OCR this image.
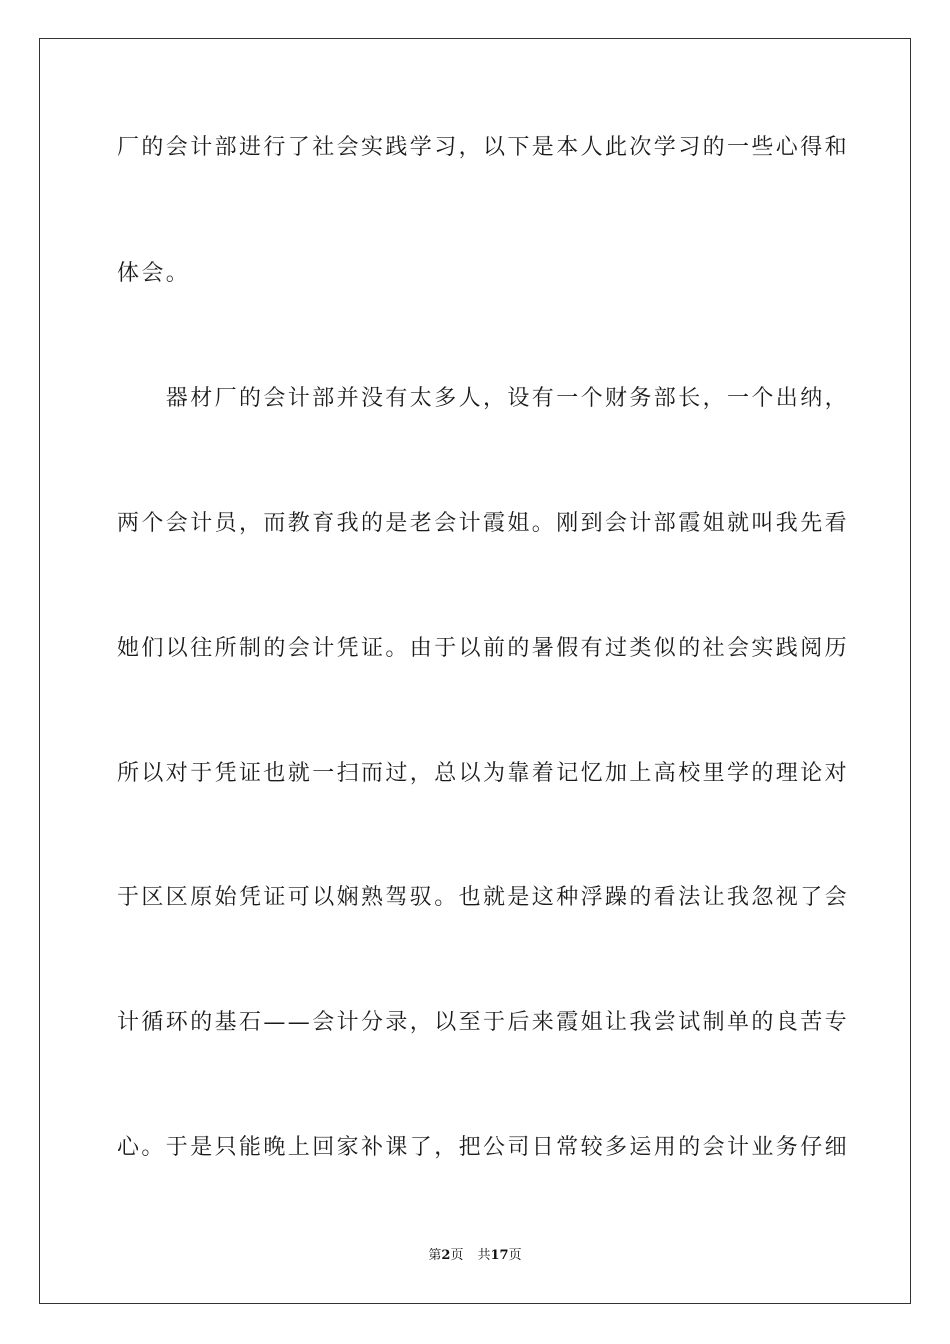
厂的会计部进行了社会实践学习，以下是本人此次学习的一些心得和
体会。
　　器材厂的会计部并没有太多人，设有一个财务部长，一个出纳，
两个会计员，而教育我的是老会计霞姐。刚到会计部霞姐就叫我先看
她们以往所制的会计凭证。由于以前的暑假有过类似的社会实践阅历
所以对于凭证也就一扫而过，总以为靠着记忆加上高校里学的理论对
于区区原始凭证可以娴熟驾驭。也就是这种浮躁的看法让我忽视了会
计循环的基石——会计分录，以至于后来霞姐让我尝试制单的良苦专
心。于是只能晚上回家补课了，把公司日常较多运用的会计业务仔细
第2页 共17页
